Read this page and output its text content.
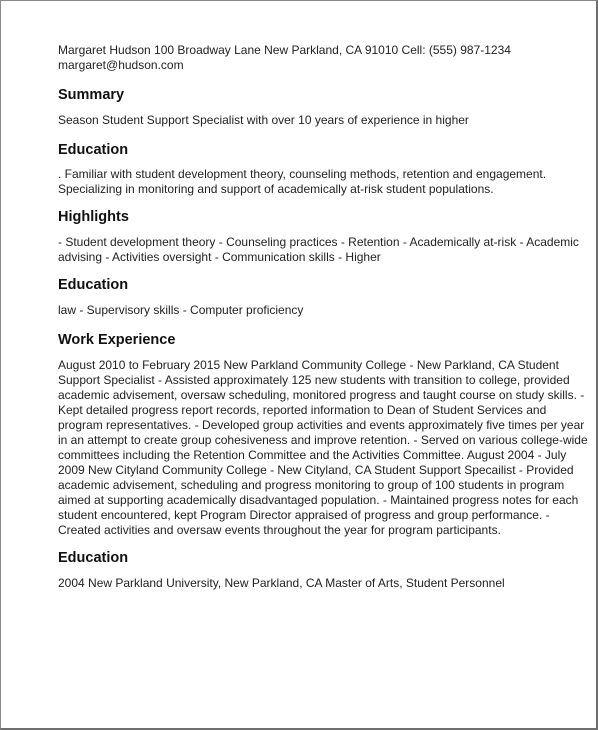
Margaret Hudson 100 Broadway Lane New Parkland, CA 91010 Cell: (555) 987-1234

margaret@hudson.com

Summary

Season Student Support Specialist with over 10 years of experience in higher

Education

. Familiar with student development theory, counseling methods, retention and engagement. Specializing in monitoring and support of academically at-risk student populations.

Highlights

- Student development theory - Counseling practices - Retention - Academically at-risk - Academic advising - Activities oversight - Communication skills - Higher

Education

law - Supervisory skills - Computer proficiency

Work Experience

August 2010 to February 2015 New Parkland Community College - New Parkland, CA Student Support Specialist - Assisted approximately 125 new students with transition to college, provided academic advisement, oversaw scheduling, monitored progress and taught course on study skills. - Kept detailed progress report records, reported information to Dean of Student Services and program representatives. - Developed group activities and events approximately five times per year in an attempt to create group cohesiveness and improve retention. - Served on various college-wide committees including the Retention Committee and the Activities Committee. August 2004 - July 2009 New Cityland Community College - New Cityland, CA Student Support Specailist - Provided academic advisement, scheduling and progress monitoring to group of 100 students in program aimed at supporting academically disadvantaged population. - Maintained progress notes for each student encountered, kept Program Director appraised of progress and group performance. - Created activities and oversaw events throughout the year for program participants.

Education

2004 New Parkland University, New Parkland, CA Master of Arts, Student Personnel
